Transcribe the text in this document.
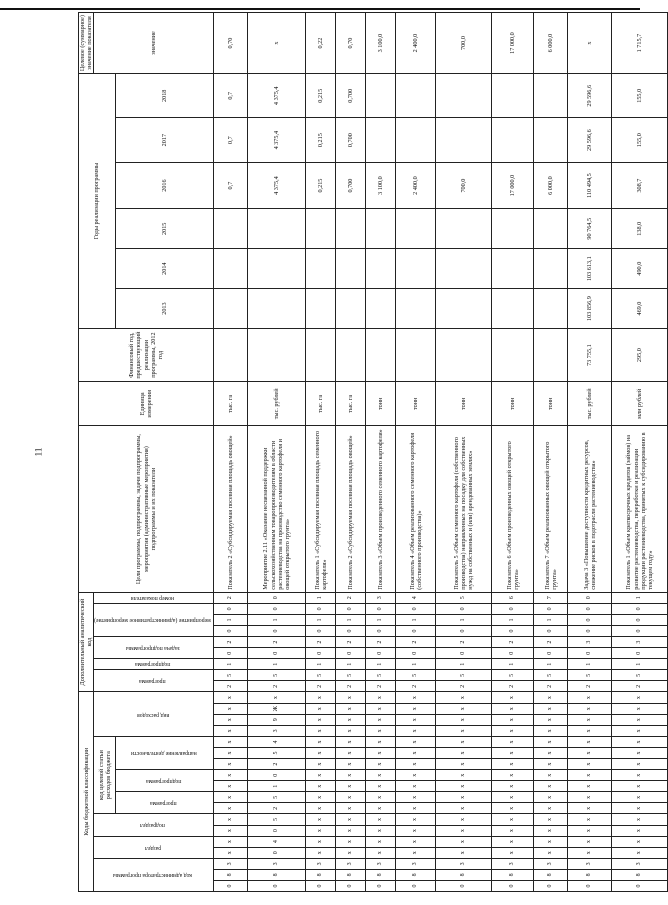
11
Коды бюджетной классификации																		Дополнительный аналитический код									Цели программы, подпрограммы, задачи подпрограммы, мероприятия (административные мероприятия) подпрограммы и их показатели	Единица измерения	Финансовый год, предшествующий реализации программы, 2012 год	Годы реализации программы						Целевое (суммарное) значение показателя
код администратора программы			раздел		подраздел		код целевой статьи расходов бюджета							вид расходов				программа		подпрограмма	задача подпрограммы		мероприятие (административное мероприятие)			номер показателя										значение
							программа		подпрограмма		направление деятельности																			2013	2014	2015	2016	2017	2018	
0	8	3	x	x	x	x	x	x	x	x	x	x	x	x	x	x	x	2	5	1	0	2	0	1	0	2	Показатель 2 «Субсидируемая посевная площадь овощей»	тыс. га					0,7	0,7	0,7	0,70
0	8	3	0	4	0	5	2	5	1	0	2	5	4	3	9	Ж	x	2	5	1	0	2	0	1	0	0	Мероприятие 2.11 «Оказание несвязанной поддержки сельскохозяйственным товаропроизводителям в области растениеводства на производство семенного картофеля и овощей открытого грунта»	тыс. рублей					4 375,4	4 375,4	4 375,4	x
0	8	3	x	x	x	x	x	x	x	x	x	x	x	x	x	x	x	2	5	1	0	2	0	1	0	1	Показатель 1 «Субсидируемая посевная площадь семенного картофеля»	тыс. га					0,215	0,215	0,215	0,22
0	8	3	x	x	x	x	x	x	x	x	x	x	x	x	x	x	x	2	5	1	0	2	0	1	0	2	Показатель 2 «Субсидируемая посевная площадь овощей»	тыс. га					0,700	0,700	0,700	0,70
0	8	3	x	x	x	x	x	x	x	x	x	x	x	x	x	x	x	2	5	1	0	2	0	1	0	3	Показатель 3 «Объем произведенного семенного картофеля»	тонн					3 100,0			3 100,0
0	8	3	x	x	x	x	x	x	x	x	x	x	x	x	x	x	x	2	5	1	0	2	0	1	0	4	Показатель 4 «Объем реализованного семенного картофеля (собственного производства)»	тонн					2 400,0			2 400,0
0	8	3	x	x	x	x	x	x	x	x	x	x	x	x	x	x	x	2	5	1	0	2	0	1	0	5	Показатель 5 «Объем семенного картофеля (собственного производства) направленных на посадку для собственных нужд на собственных и (или) арендованных землях»	тонн					700,0			700,0
0	8	3	x	x	x	x	x	x	x	x	x	x	x	x	x	x	x	2	5	1	0	2	0	1	0	6	Показатель 6 «Объем произведенных овощей открытого грунта»	тонн					17 000,0			17 000,0
0	8	3	x	x	x	x	x	x	x	x	x	x	x	x	x	x	x	2	5	1	0	2	0	1	0	7	Показатель 7 «Объем реализованных овощей открытого грунта»	тонн					6 000,0			6 000,0
0	8	3	x	x	x	x	x	x	x	x	x	x	x	x	x	x	x	2	5	1	0	3	0	0	0	0	Задача 3 «Повышение доступности кредитных ресурсов, снижение рисков в подотрасли растениеводства»	тыс. рублей	73 755,1	103 856,9	103 613,1	90 764,5	110 494,5	29 596,6	29 596,6	x
0	8	3	x	x	x	x	x	x	x	x	x	x	x	x	x	x	x	2	5	1	0	3	0	0	0	1	Показатель 1 «Объем краткосрочных кредитов (займов) на развитие растениеводства, переработки и реализации продукции растениеводства, принятых к субсидированию в текущем году»	млн рублей	295,0	469,0	490,0	138,0	308,7	155,0	155,0	1 715,7
